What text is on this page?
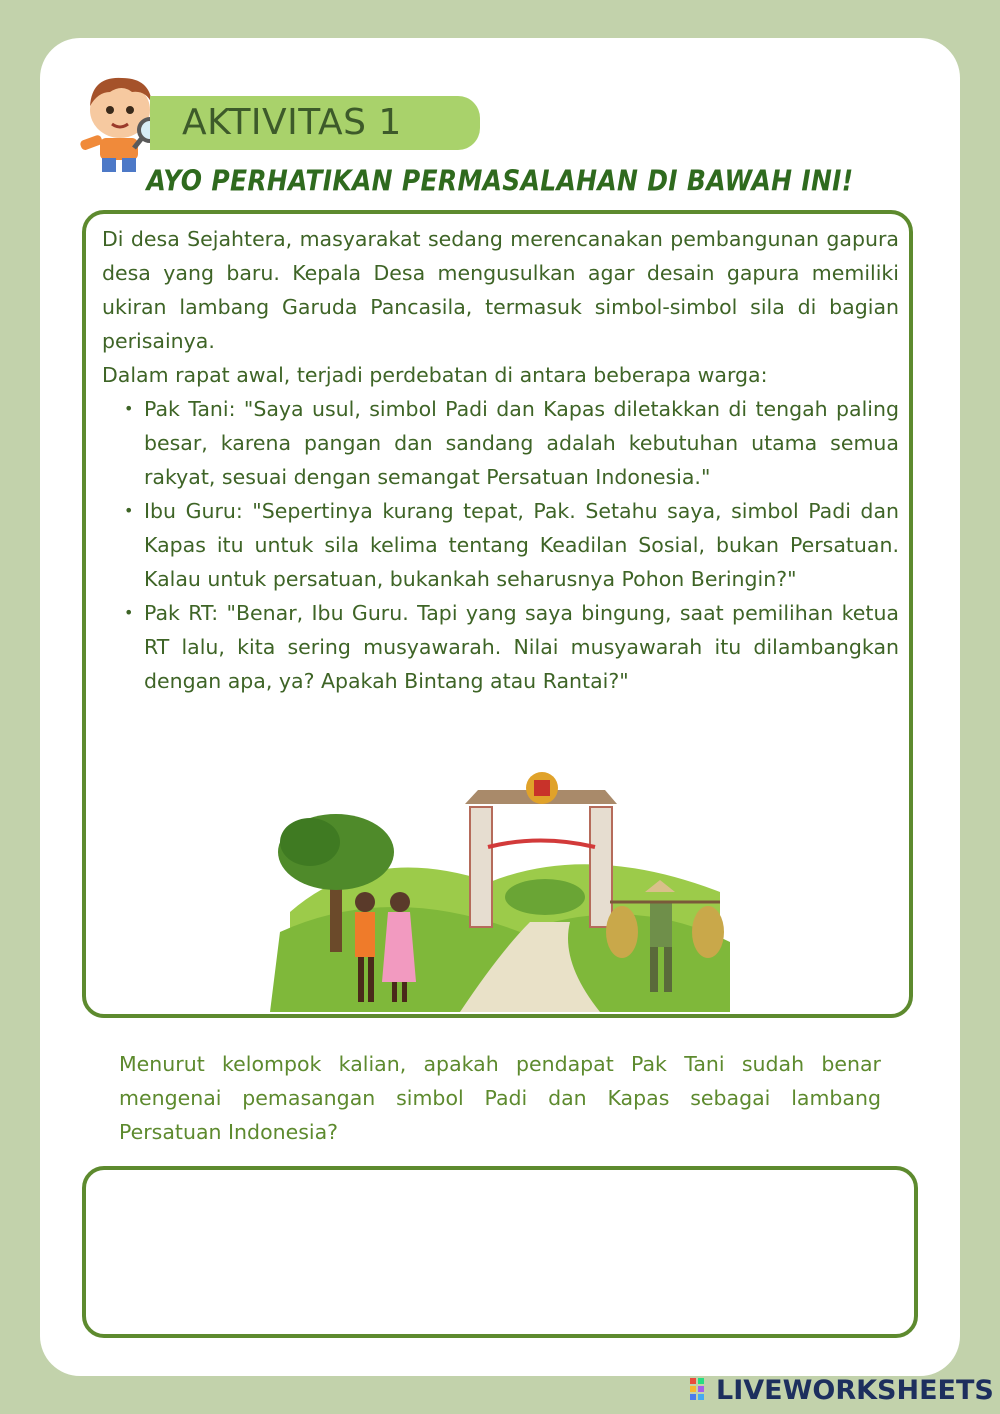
AKTIVITAS 1
AYO PERHATIKAN PERMASALAHAN DI BAWAH INI!

Di desa Sejahtera, masyarakat sedang merencanakan pembangunan gapura desa yang baru. Kepala Desa mengusulkan agar desain gapura memiliki ukiran lambang Garuda Pancasila, termasuk simbol-simbol sila di bagian perisainya.

Dalam rapat awal, terjadi perdebatan di antara beberapa warga:

• Pak Tani: "Saya usul, simbol Padi dan Kapas diletakkan di tengah paling besar, karena pangan dan sandang adalah kebutuhan utama semua rakyat, sesuai dengan semangat Persatuan Indonesia."
• Ibu Guru: "Sepertinya kurang tepat, Pak. Setahu saya, simbol Padi dan Kapas itu untuk sila kelima tentang Keadilan Sosial, bukan Persatuan. Kalau untuk persatuan, bukankah seharusnya Pohon Beringin?"
• Pak RT: "Benar, Ibu Guru. Tapi yang saya bingung, saat pemilihan ketua RT lalu, kita sering musyawarah. Nilai musyawarah itu dilambangkan dengan apa, ya? Apakah Bintang atau Rantai?"
Menurut kelompok kalian, apakah pendapat Pak Tani sudah benar mengenai pemasangan simbol Padi dan Kapas sebagai lambang Persatuan Indonesia?
LIVEWORKSHEETS
